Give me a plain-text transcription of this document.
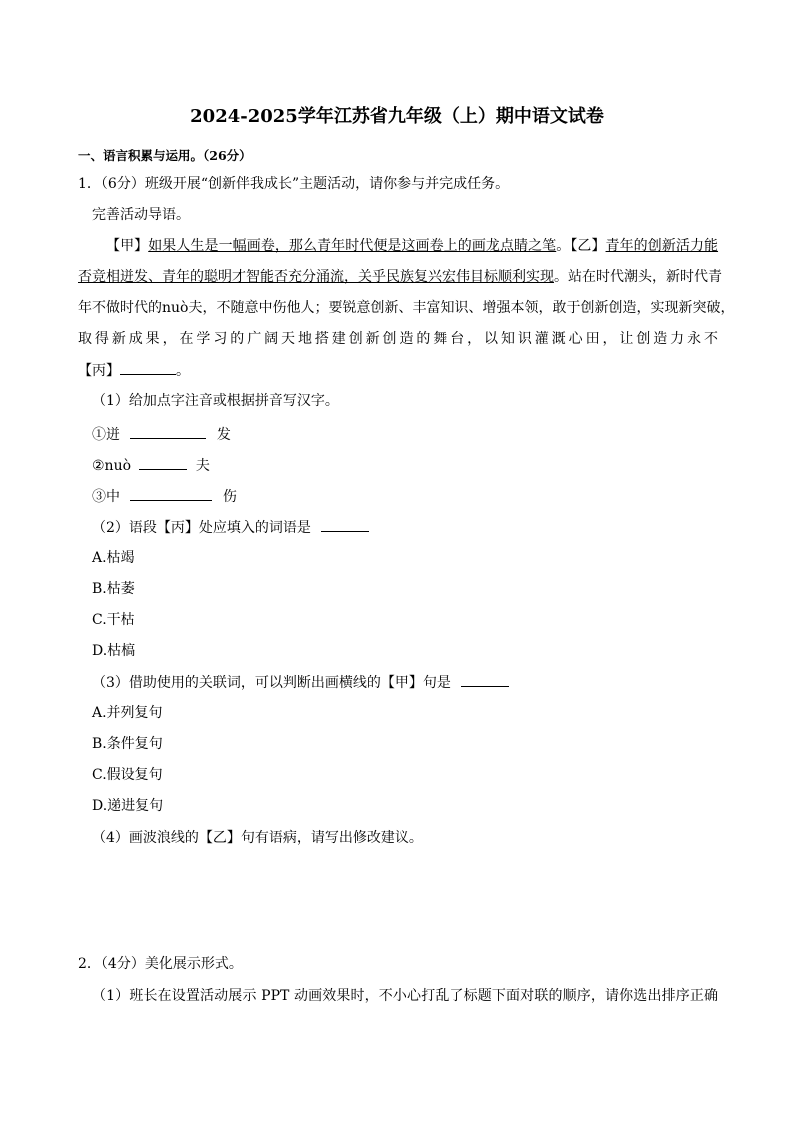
2024-2025学年江苏省九年级（上）期中语文试卷
一、语言积累与运用。（26分）
1．（6分）班级开展“创新伴我成长”主题活动，请你参与并完成任务。
完善活动导语。
【甲】如果人生是一幅画卷，那么青年时代便是这画卷上的画龙点睛之笔。【乙】青年的创新活力能
否竞相迸发、青年的聪明才智能否充分涌流，关乎民族复兴宏伟目标顺利实现。站在时代潮头，新时代青
年不做时代的nuò夫，不随意中伤他人；要锐意创新、丰富知识、增强本领，敢于创新创造，实现新突破，
取得新成果，在学习的广阔天地搭建创新创造的舞台，以知识灌溉心田，让创造力永不
【丙】	。
（1）给加点字注音或根据拼音写汉字。
①迸	发
②nuò	夫
③中	伤
（2）语段【丙】处应填入的词语是
A.枯竭
B.枯萎
C.干枯
D.枯槁
（3）借助使用的关联词，可以判断出画横线的【甲】句是
A.并列复句
B.条件复句
C.假设复句
D.递进复句
（4）画波浪线的【乙】句有语病，请写出修改建议。
2．（4分）美化展示形式。
（1）班长在设置活动展示 PPT 动画效果时，不小心打乱了标题下面对联的顺序，请你选出排序正确
